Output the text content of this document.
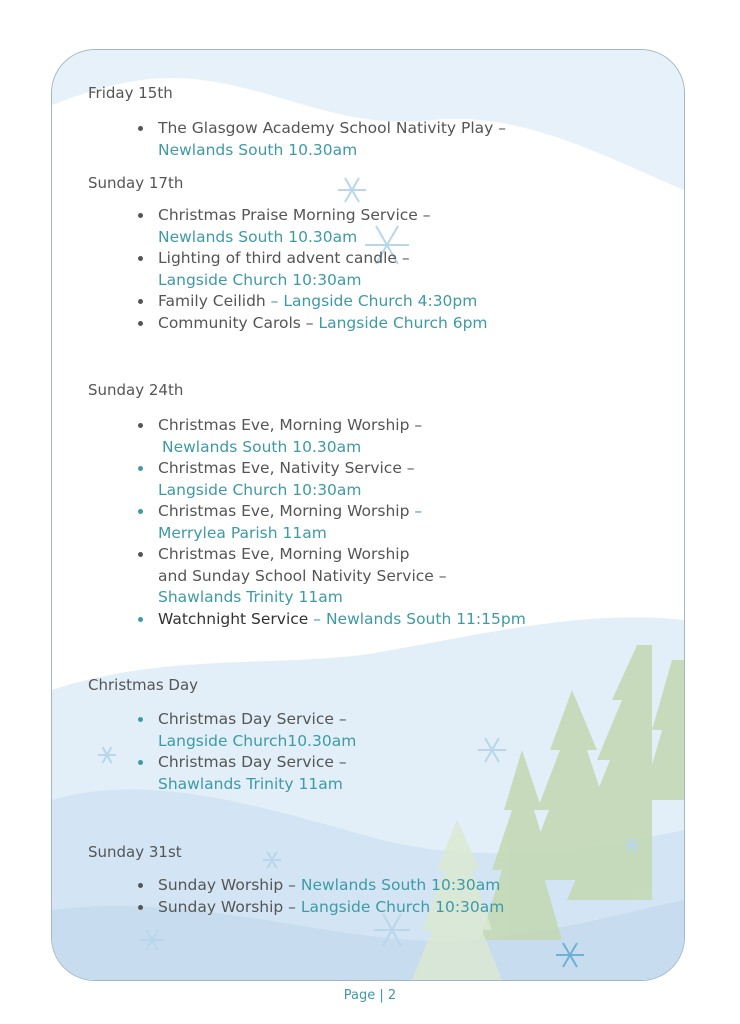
Friday 15th

The Glasgow Academy School Nativity Play –
Newlands South 10.30am

Sunday 17th

Christmas Praise Morning Service –
Newlands South 10.30am
Lighting of third advent candle –
Langside Church 10:30am
Family Ceilidh – Langside Church 4:30pm
Community Carols – Langside Church 6pm

Sunday 24th

Christmas Eve, Morning Worship –
Newlands South 10.30am
Christmas Eve, Nativity Service –
Langside Church 10:30am
Christmas Eve, Morning Worship –
Merrylea Parish 11am
Christmas Eve, Morning Worship
and Sunday School Nativity Service –
Shawlands Trinity 11am
Watchnight Service – Newlands South 11:15pm

Christmas Day

Christmas Day Service –
Langside Church10.30am
Christmas Day Service –
Shawlands Trinity 11am

Sunday 31st

Sunday Worship – Newlands South 10:30am
Sunday Worship – Langside Church 10:30am
Page | 2
